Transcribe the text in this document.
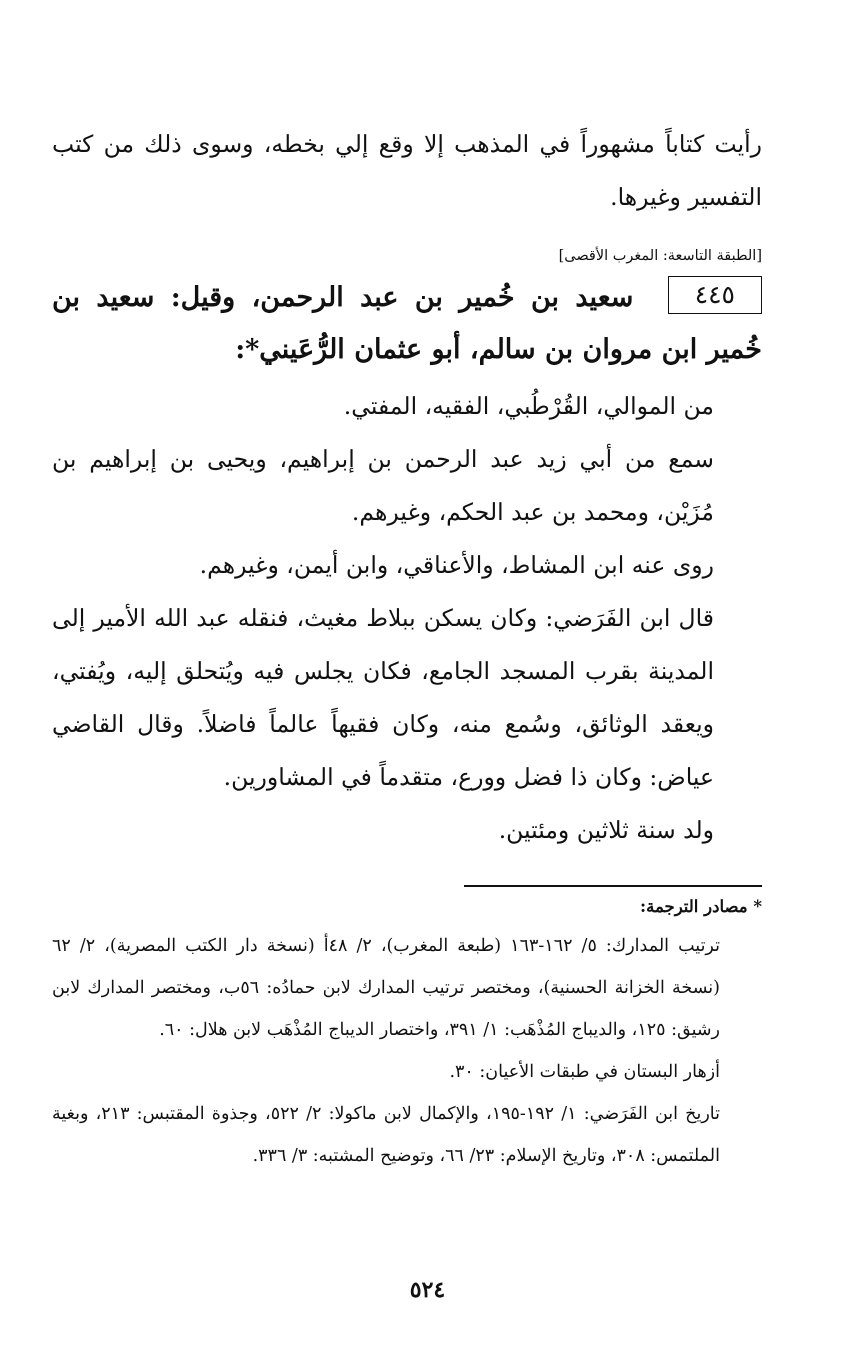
رأيت كتاباً مشهوراً في المذهب إلا وقع إلي بخطه، وسوى ذلك من كتب التفسير وغيرها.

[الطبقة التاسعة: المغرب الأقصى]
٤٤٥ سعيد بن خُمير بن عبد الرحمن، وقيل: سعيد بن خُمير ابن مروان بن سالم، أبو عثمان الرُّعَيني*:

من الموالي، القُرْطُبي، الفقيه، المفتي.

سمع من أبي زيد عبد الرحمن بن إبراهيم، ويحيى بن إبراهيم بن مُزَيْن، ومحمد بن عبد الحكم، وغيرهم.

روى عنه ابن المشاط، والأعناقي، وابن أيمن، وغيرهم.

قال ابن الفَرَضي: وكان يسكن ببلاط مغيث، فنقله عبد الله الأمير إلى المدينة بقرب المسجد الجامع، فكان يجلس فيه ويُتحلق إليه، ويُفتي، ويعقد الوثائق، وسُمع منه، وكان فقيهاً عالماً فاضلاً. وقال القاضي عياض: وكان ذا فضل وورع، متقدماً في المشاورين.

ولد سنة ثلاثين ومئتين.

* مصادر الترجمة:

ترتيب المدارك: ٥/ ١٦٢-١٦٣ (طبعة المغرب)، ٢/ ٤٨أ (نسخة دار الكتب المصرية)، ٢/ ٦٢ (نسخة الخزانة الحسنية)، ومختصر ترتيب المدارك لابن حمادُه: ٥٦ب، ومختصر المدارك لابن رشيق: ١٢٥، والديباج المُذْهَب: ١/ ٣٩١، واختصار الديباج المُذْهَب لابن هلال: ٦٠.

أزهار البستان في طبقات الأعيان: ٣٠.

تاريخ ابن الفَرَضي: ١/ ١٩٢-١٩٥، والإكمال لابن ماكولا: ٢/ ٥٢٢، وجذوة المقتبس: ٢١٣، وبغية الملتمس: ٣٠٨، وتاريخ الإسلام: ٢٣/ ٦٦، وتوضيح المشتبه: ٣/ ٣٣٦.

٥٢٤
